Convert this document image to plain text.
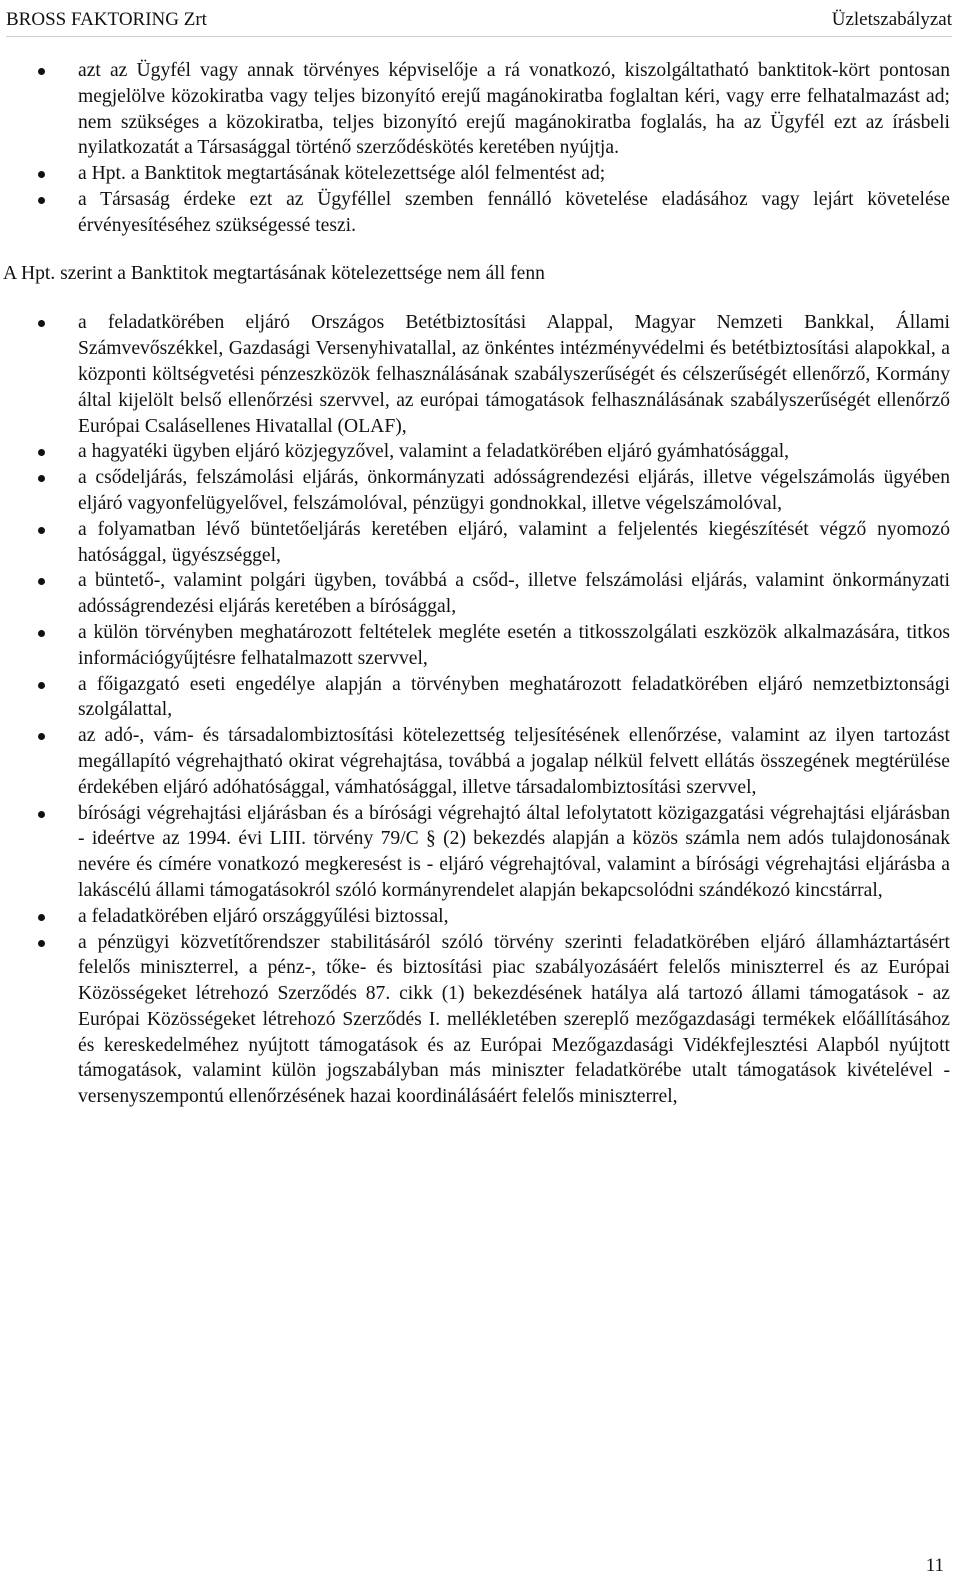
BROSS FAKTORING Zrt	Üzletszabályzat
azt az Ügyfél vagy annak törvényes képviselője a rá vonatkozó, kiszolgáltatható banktitok-kört pontosan megjelölve közokiratba vagy teljes bizonyító erejű magánokiratba foglaltan kéri, vagy erre felhatalmazást ad; nem szükséges a közokiratba, teljes bizonyító erejű magánokiratba foglalás, ha az Ügyfél ezt az írásbeli nyilatkozatát a Társasággal történő szerződéskötés keretében nyújtja.
a Hpt. a Banktitok megtartásának kötelezettsége alól felmentést ad;
a Társaság érdeke ezt az Ügyféllel szemben fennálló követelése eladásához vagy lejárt követelése érvényesítéséhez szükségessé teszi.

A Hpt. szerint a Banktitok megtartásának kötelezettsége nem áll fenn

a feladatkörében eljáró Országos Betétbiztosítási Alappal, Magyar Nemzeti Bankkal, Állami Számvevőszékkel, Gazdasági Versenyhivatallal, az önkéntes intézményvédelmi és betétbiztosítási alapokkal, a központi költségvetési pénzeszközök felhasználásának szabályszerűségét és célszerűségét ellenőrző, Kormány által kijelölt belső ellenőrzési szervvel, az európai támogatások felhasználásának szabályszerűségét ellenőrző Európai Csalásellenes Hivatallal (OLAF),
a hagyatéki ügyben eljáró közjegyzővel, valamint a feladatkörében eljáró gyámhatósággal,
a csődeljárás, felszámolási eljárás, önkormányzati adósságrendezési eljárás, illetve végelszámolás ügyében eljáró vagyonfelügyelővel, felszámolóval, pénzügyi gondnokkal, illetve végelszámolóval,
a folyamatban lévő büntetőeljárás keretében eljáró, valamint a feljelentés kiegészítését végző nyomozó hatósággal, ügyészséggel,
a büntető-, valamint polgári ügyben, továbbá a csőd-, illetve felszámolási eljárás, valamint önkormányzati adósságrendezési eljárás keretében a bírósággal,
a külön törvényben meghatározott feltételek megléte esetén a titkosszolgálati eszközök alkalmazására, titkos információgyűjtésre felhatalmazott szervvel,
a főigazgató eseti engedélye alapján a törvényben meghatározott feladatkörében eljáró nemzetbiztonsági szolgálattal,
az adó-, vám- és társadalombiztosítási kötelezettség teljesítésének ellenőrzése, valamint az ilyen tartozást megállapító végrehajtható okirat végrehajtása, továbbá a jogalap nélkül felvett ellátás összegének megtérülése érdekében eljáró adóhatósággal, vámhatósággal, illetve társadalombiztosítási szervvel,
bírósági végrehajtási eljárásban és a bírósági végrehajtó által lefolytatott közigazgatási végrehajtási eljárásban - ideértve az 1994. évi LIII. törvény 79/C § (2) bekezdés alapján a közös számla nem adós tulajdonosának nevére és címére vonatkozó megkeresést is - eljáró végrehajtóval, valamint a bírósági végrehajtási eljárásba a lakáscélú állami támogatásokról szóló kormányrendelet alapján bekapcsolódni szándékozó kincstárral,
a feladatkörében eljáró országgyűlési biztossal,
a pénzügyi közvetítőrendszer stabilitásáról szóló törvény szerinti feladatkörében eljáró államháztartásért felelős miniszterrel, a pénz-, tőke- és biztosítási piac szabályozásáért felelős miniszterrel és az Európai Közösségeket létrehozó Szerződés 87. cikk (1) bekezdésének hatálya alá tartozó állami támogatások - az Európai Közösségeket létrehozó Szerződés I. mellékletében szereplő mezőgazdasági termékek előállításához és kereskedelméhez nyújtott támogatások és az Európai Mezőgazdasági Vidékfejlesztési Alapból nyújtott támogatások, valamint külön jogszabályban más miniszter feladatkörébe utalt támogatások kivételével - versenyszempontú ellenőrzésének hazai koordinálásáért felelős miniszterrel,
11
